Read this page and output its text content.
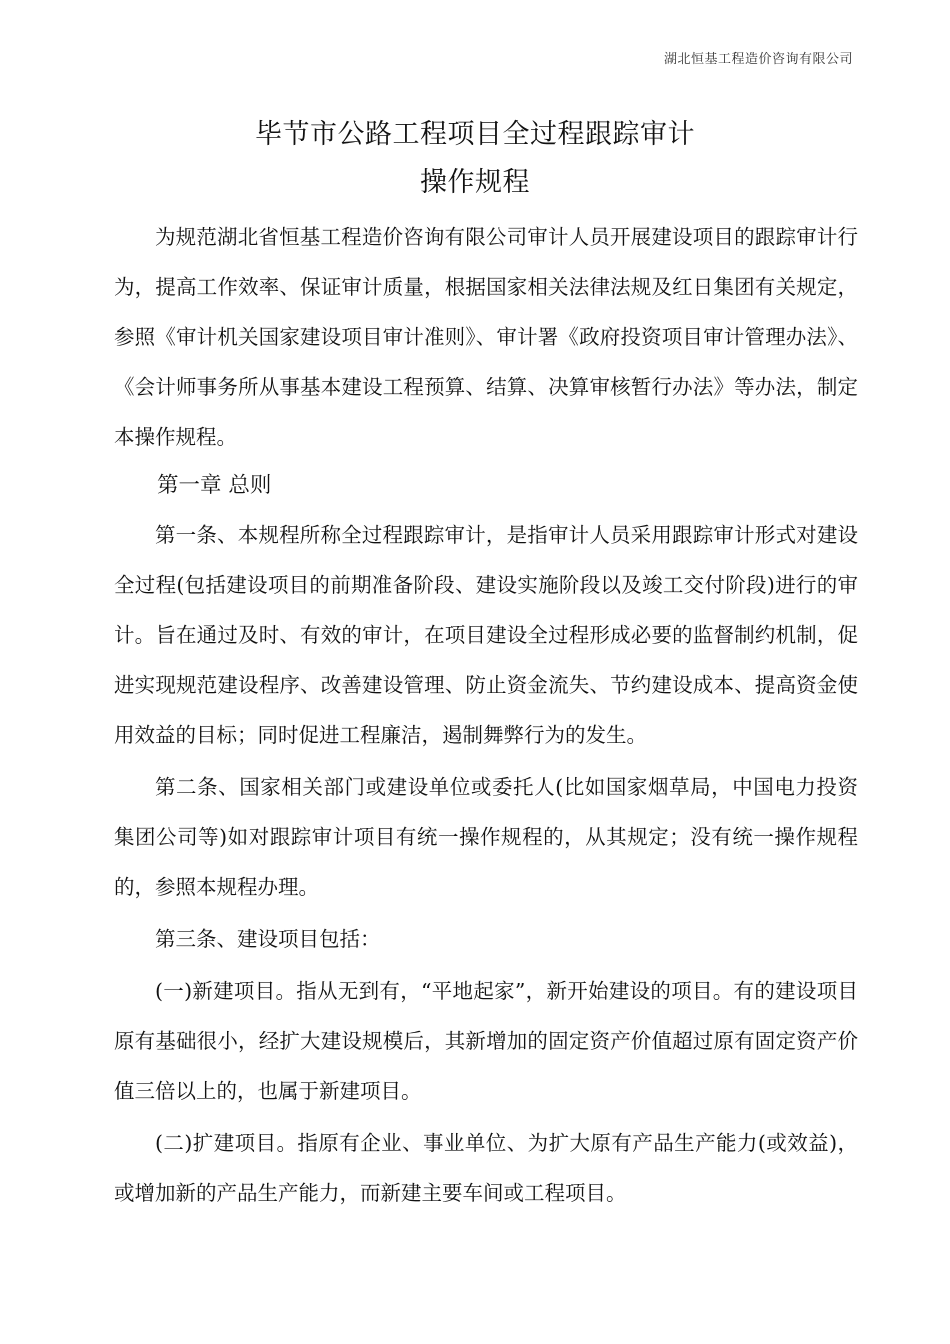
湖北恒基工程造价咨询有限公司
毕节市公路工程项目全过程跟踪审计
操作规程

为规范湖北省恒基工程造价咨询有限公司审计人员开展建设项目的跟踪审计行为，提高工作效率、保证审计质量，根据国家相关法律法规及红日集团有关规定，参照《审计机关国家建设项目审计准则》、审计署《政府投资项目审计管理办法》、《会计师事务所从事基本建设工程预算、结算、决算审核暂行办法》等办法，制定本操作规程。

第一章 总则

第一条、本规程所称全过程跟踪审计，是指审计人员采用跟踪审计形式对建设全过程(包括建设项目的前期准备阶段、建设实施阶段以及竣工交付阶段)进行的审计。旨在通过及时、有效的审计，在项目建设全过程形成必要的监督制约机制，促进实现规范建设程序、改善建设管理、防止资金流失、节约建设成本、提高资金使用效益的目标；同时促进工程廉洁，遏制舞弊行为的发生。

第二条、国家相关部门或建设单位或委托人(比如国家烟草局，中国电力投资集团公司等)如对跟踪审计项目有统一操作规程的，从其规定；没有统一操作规程的，参照本规程办理。

第三条、建设项目包括：

(一)新建项目。指从无到有，“平地起家”，新开始建设的项目。有的建设项目原有基础很小，经扩大建设规模后，其新增加的固定资产价值超过原有固定资产价值三倍以上的，也属于新建项目。

(二)扩建项目。指原有企业、事业单位、为扩大原有产品生产能力(或效益)，或增加新的产品生产能力，而新建主要车间或工程项目。
